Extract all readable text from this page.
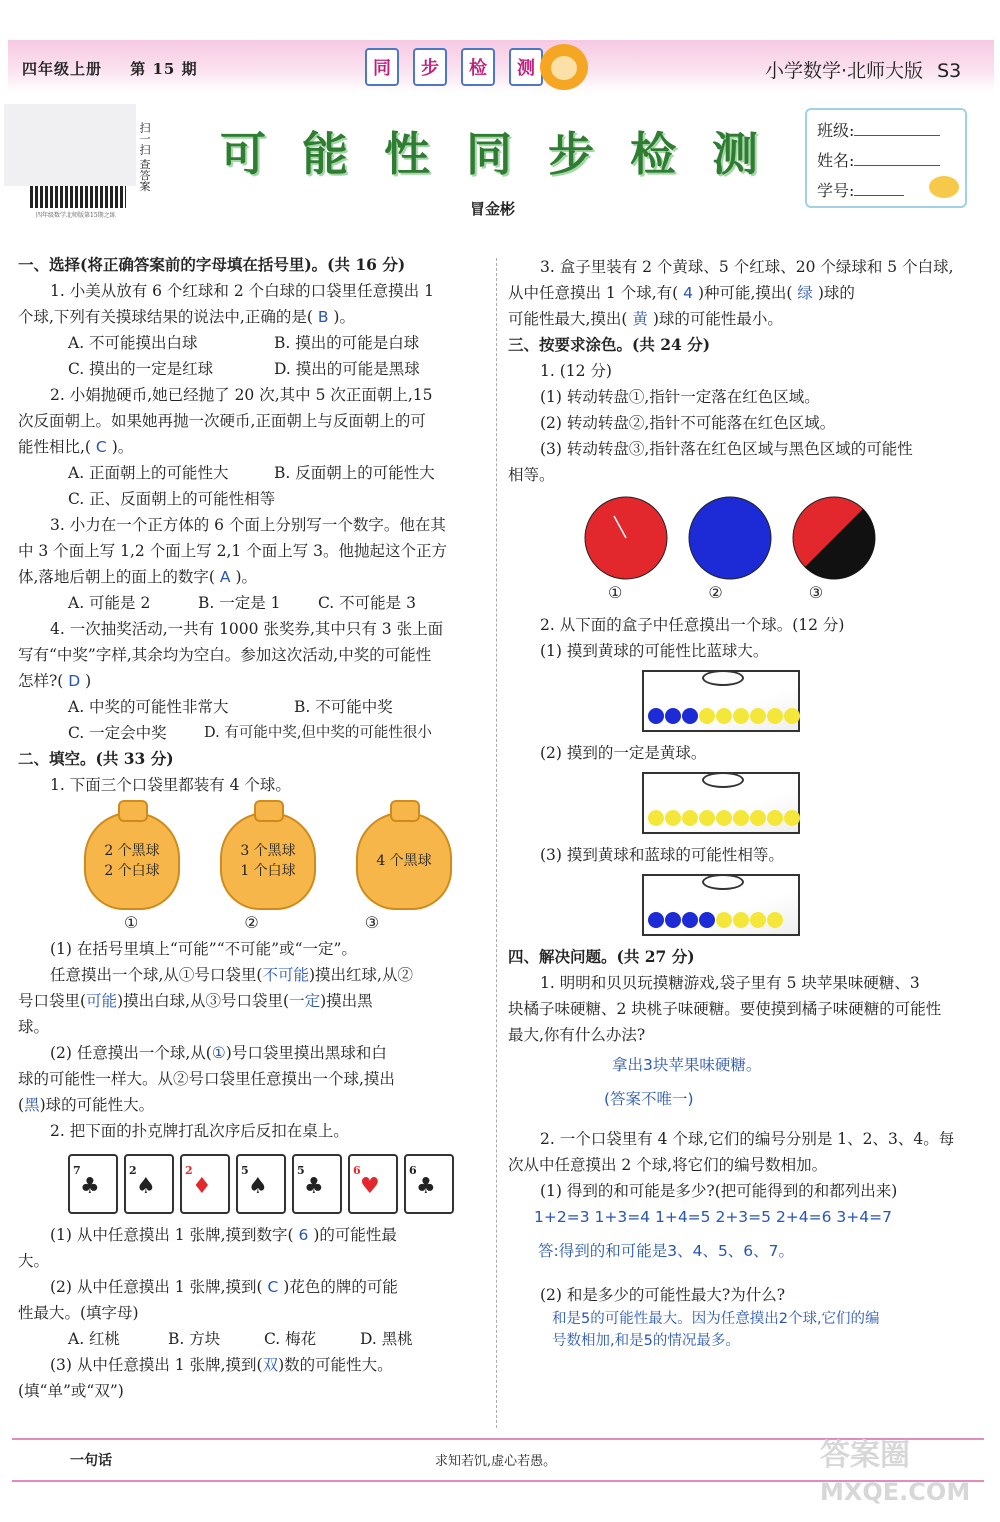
四年级上册 第 15 期	同	步	检	测	小学数学·北师大版 S3
四年级数学北师版第15期之练
扫一扫 查答案 可能性同步检测
冒金彬
班级:
姓名:
学号:

一、选择(将正确答案前的字母填在括号里)。(共 16 分)

1. 小美从放有 6 个红球和 2 个白球的口袋里任意摸出 1

个球,下列有关摸球结果的说法中,正确的是( B )。

A. 不可能摸出白球	B. 摸出的可能是白球

C. 摸出的一定是红球	D. 摸出的可能是黑球

2. 小娟抛硬币,她已经抛了 20 次,其中 5 次正面朝上,15

次反面朝上。如果她再抛一次硬币,正面朝上与反面朝上的可

能性相比,( C )。

A. 正面朝上的可能性大	B. 反面朝上的可能性大

C. 正、反面朝上的可能性相等

3. 小力在一个正方体的 6 个面上分别写一个数字。他在其

中 3 个面上写 1,2 个面上写 2,1 个面上写 3。他抛起这个正方

体,落地后朝上的面上的数字( A )。

A. 可能是 2	B. 一定是 1	C. 不可能是 3

4. 一次抽奖活动,一共有 1000 张奖券,其中只有 3 张上面

写有“中奖”字样,其余均为空白。参加这次活动,中奖的可能性

怎样?( D )

A. 中奖的可能性非常大	B. 不可能中奖

C. 一定会中奖	D. 有可能中奖,但中奖的可能性很小

二、填空。(共 33 分)

1. 下面三个口袋里都装有 4 个球。

2 个黑球
2 个白球
3 个黑球
1 个白球
4 个黑球
①	②	③

(1) 在括号里填上“可能”“不可能”或“一定”。

任意摸出一个球,从①号口袋里(不可能)摸出红球,从②

号口袋里(可能)摸出白球,从③号口袋里(一定)摸出黑

球。

(2) 任意摸出一个球,从(①)号口袋里摸出黑球和白

球的可能性一样大。从②号口袋里任意摸出一个球,摸出

(黑)球的可能性大。

2. 把下面的扑克牌打乱次序后反扣在桌上。

7
♣
2
♠
2
♦
5
♠
5
♣
6
♥
6
♣

(1) 从中任意摸出 1 张牌,摸到数字( 6 )的可能性最

大。

(2) 从中任意摸出 1 张牌,摸到( C )花色的牌的可能

性最大。(填字母)

A. 红桃	B. 方块	C. 梅花	D. 黑桃

(3) 从中任意摸出 1 张牌,摸到(双)数的可能性大。

(填“单”或“双”)

3. 盒子里装有 2 个黄球、5 个红球、20 个绿球和 5 个白球,

从中任意摸出 1 个球,有( 4 )种可能,摸出( 绿 )球的

可能性最大,摸出( 黄 )球的可能性最小。

三、按要求涂色。(共 24 分)

1. (12 分)

(1) 转动转盘①,指针一定落在红色区域。

(2) 转动转盘②,指针不可能落在红色区域。

(3) 转动转盘③,指针落在红色区域与黑色区域的可能性

相等。

①	②	③

2. 从下面的盒子中任意摸出一个球。(12 分)

(1) 摸到黄球的可能性比蓝球大。

(2) 摸到的一定是黄球。

(3) 摸到黄球和蓝球的可能性相等。

四、解决问题。(共 27 分)

1. 明明和贝贝玩摸糖游戏,袋子里有 5 块苹果味硬糖、3

块橘子味硬糖、2 块桃子味硬糖。要使摸到橘子味硬糖的可能性

最大,你有什么办法?

拿出3块苹果味硬糖。

(答案不唯一)

2. 一个口袋里有 4 个球,它们的编号分别是 1、2、3、4。每

次从中任意摸出 2 个球,将它们的编号数相加。

(1) 得到的和可能是多少?(把可能得到的和都列出来)

1+2=3 1+3=4 1+4=5 2+3=5 2+4=6 3+4=7

答:得到的和可能是3、4、5、6、7。

(2) 和是多少的可能性最大?为什么?

和是5的可能性最大。因为任意摸出2个球,它们的编

号数相加,和是5的情况最多。

一句话	求知若饥,虚心若愚。	答案圈
MXQE.COM
